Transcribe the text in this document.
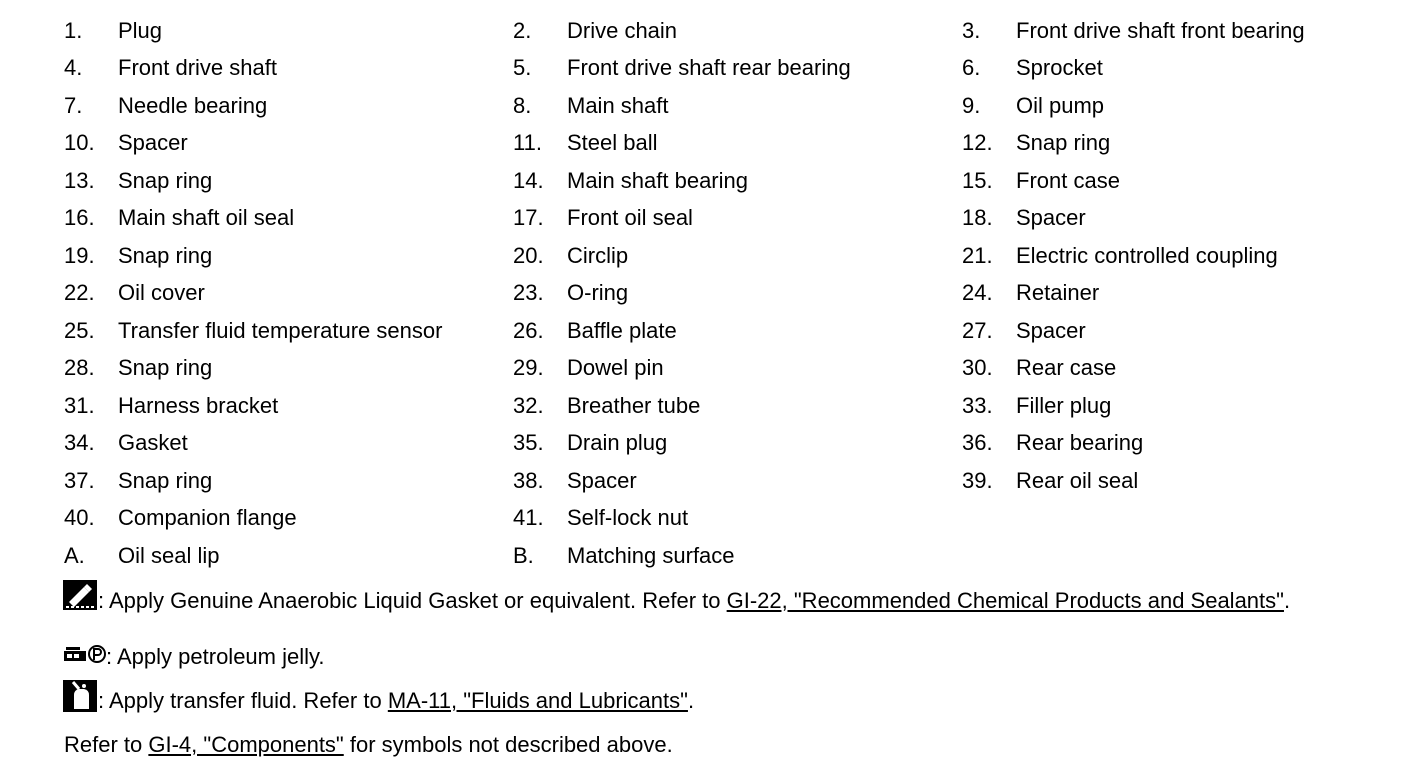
1.	Plug	2.	Drive chain	3.	Front drive shaft front bearing
4.	Front drive shaft	5.	Front drive shaft rear bearing	6.	Sprocket
7.	Needle bearing	8.	Main shaft	9.	Oil pump
10.	Spacer	11.	Steel ball	12.	Snap ring
13.	Snap ring	14.	Main shaft bearing	15.	Front case
16.	Main shaft oil seal	17.	Front oil seal	18.	Spacer
19.	Snap ring	20.	Circlip	21.	Electric controlled coupling
22.	Oil cover	23.	O-ring	24.	Retainer
25.	Transfer fluid temperature sensor	26.	Baffle plate	27.	Spacer
28.	Snap ring	29.	Dowel pin	30.	Rear case
31.	Harness bracket	32.	Breather tube	33.	Filler plug
34.	Gasket	35.	Drain plug	36.	Rear bearing
37.	Snap ring	38.	Spacer	39.	Rear oil seal
40.	Companion flange	41.	Self-lock nut
A.	Oil seal lip	B.	Matching surface
: Apply Genuine Anaerobic Liquid Gasket or equivalent. Refer to GI-22, "Recommended Chemical Products and Sealants".
: Apply petroleum jelly.
: Apply transfer fluid. Refer to MA-11, "Fluids and Lubricants".
Refer to GI-4, "Components" for symbols not described above.
